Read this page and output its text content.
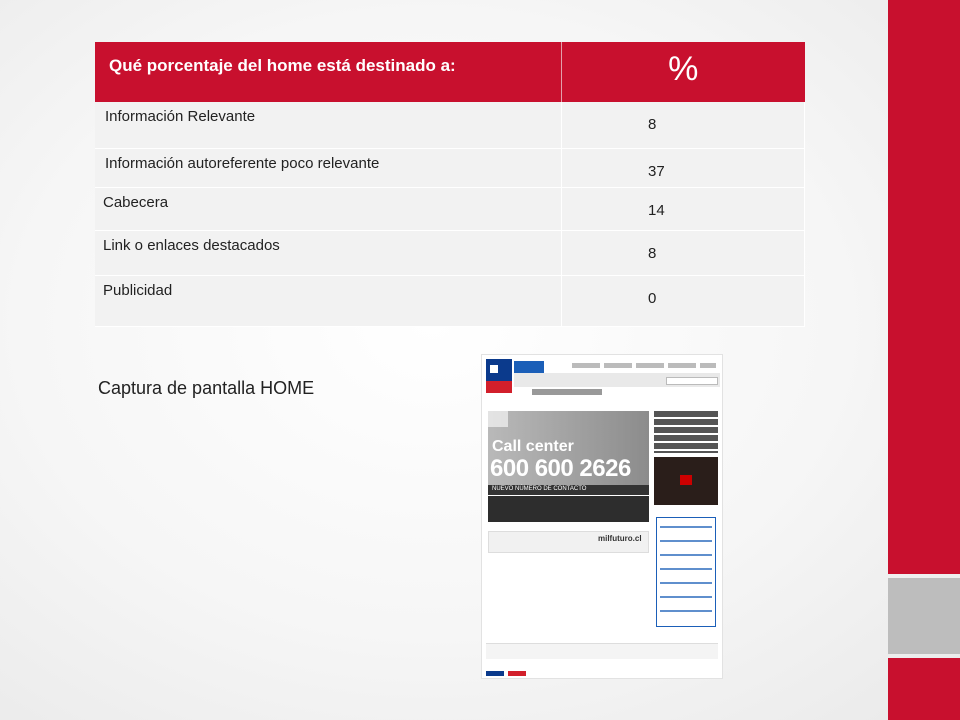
Qué porcentaje del home está destinado a:	%

Información Relevante	8

Información autoreferente poco relevante	37

Cabecera	14

Link o enlaces destacados	8

Publicidad	0
Captura de pantalla HOME
Call center
600 600 2626
NUEVO NÚMERO DE CONTACTO
milfuturo.cl
